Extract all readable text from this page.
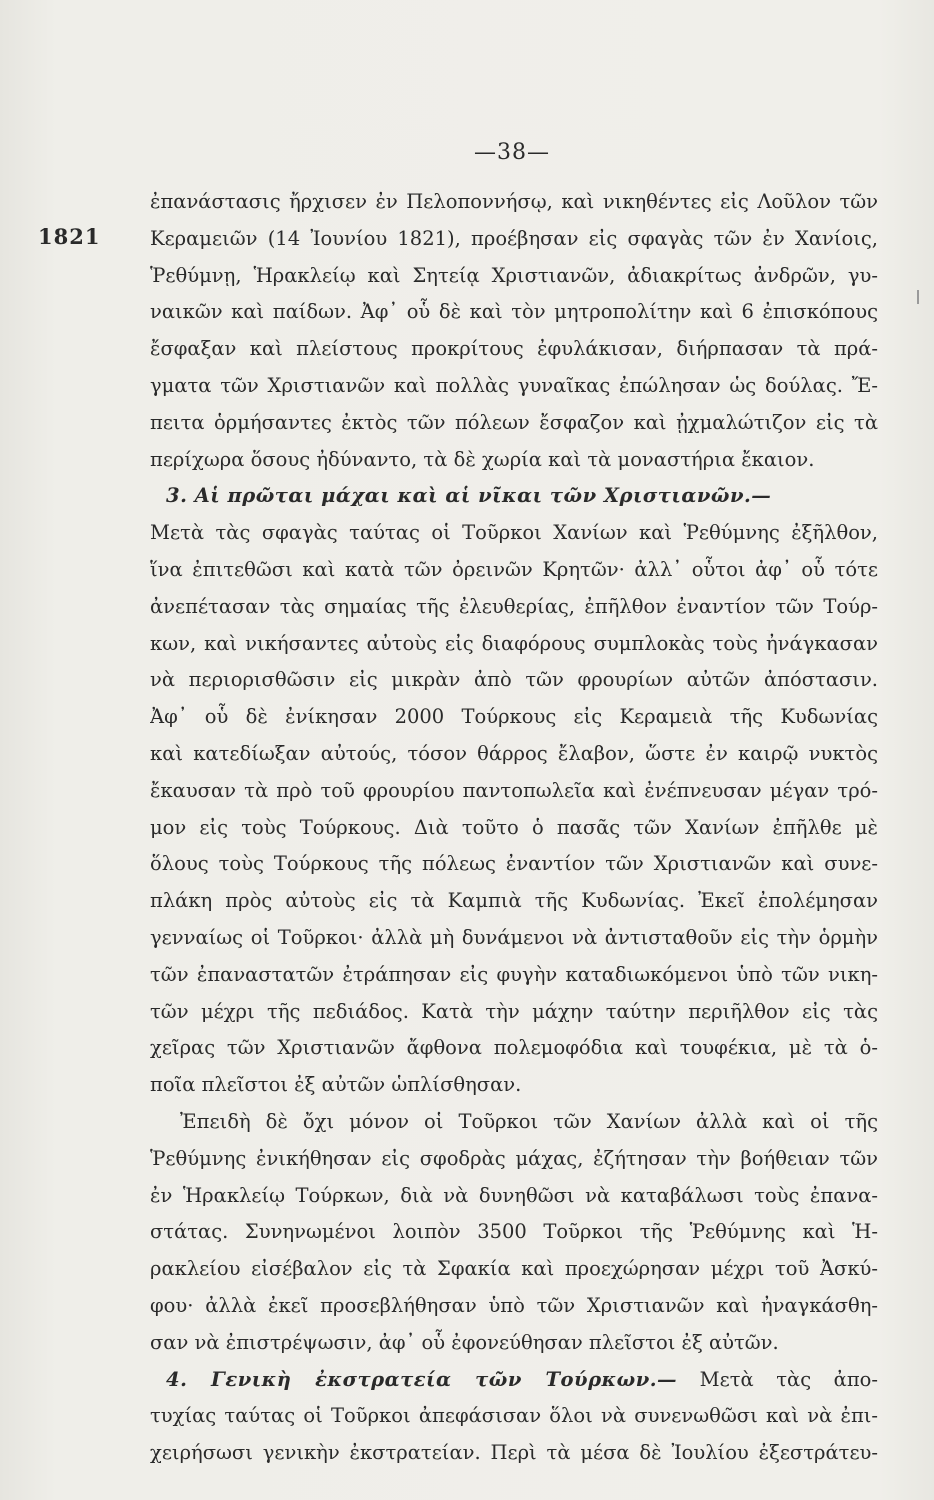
—38—
1821
ἐπανάστασις ἤρχισεν ἐν Πελοποννήσῳ, καὶ νικηθέντες εἰς Λοῦλον τῶν
Κεραμειῶν (14 Ἰουνίου 1821), προέβησαν εἰς σφαγὰς τῶν ἐν Χανίοις,
Ῥεθύμνῃ, Ἡρακλείῳ καὶ Σητείᾳ Χριστιανῶν, ἀδιακρίτως ἀνδρῶν, γυ-
ναικῶν καὶ παίδων. Ἀφ᾽ οὗ δὲ καὶ τὸν μητροπολίτην καὶ 6 ἐπισκόπους
ἔσφαξαν καὶ πλείστους προκρίτους ἐφυλάκισαν, διήρπασαν τὰ πρά-
γματα τῶν Χριστιανῶν καὶ πολλὰς γυναῖκας ἐπώλησαν ὡς δούλας. Ἔ-
πειτα ὁρμήσαντες ἐκτὸς τῶν πόλεων ἔσφαζον καὶ ᾐχμαλώτιζον εἰς τὰ
περίχωρα ὅσους ἠδύναντο, τὰ δὲ χωρία καὶ τὰ μοναστήρια ἔκαιον.
3. Αἱ πρῶται μάχαι καὶ αἱ νῖκαι τῶν Χριστιανῶν.—
Μετὰ τὰς σφαγὰς ταύτας οἱ Τοῦρκοι Χανίων καὶ Ῥεθύμνης ἐξῆλθον,
ἵνα ἐπιτεθῶσι καὶ κατὰ τῶν ὀρεινῶν Κρητῶν· ἀλλ᾽ οὗτοι ἀφ᾽ οὗ τότε
ἀνεπέτασαν τὰς σημαίας τῆς ἐλευθερίας, ἐπῆλθον ἐναντίον τῶν Τούρ-
κων, καὶ νικήσαντες αὐτοὺς εἰς διαφόρους συμπλοκὰς τοὺς ἠνάγκασαν
νὰ περιορισθῶσιν εἰς μικρὰν ἀπὸ τῶν φρουρίων αὐτῶν ἀπόστασιν.
Ἀφ᾽ οὗ δὲ ἐνίκησαν 2000 Τούρκους εἰς Κεραμειὰ τῆς Κυδωνίας
καὶ κατεδίωξαν αὐτούς, τόσον θάρρος ἔλαβον, ὥστε ἐν καιρῷ νυκτὸς
ἔκαυσαν τὰ πρὸ τοῦ φρουρίου παντοπωλεῖα καὶ ἐνέπνευσαν μέγαν τρό-
μον εἰς τοὺς Τούρκους. Διὰ τοῦτο ὁ πασᾶς τῶν Χανίων ἐπῆλθε μὲ
ὅλους τοὺς Τούρκους τῆς πόλεως ἐναντίον τῶν Χριστιανῶν καὶ συνε-
πλάκη πρὸς αὐτοὺς εἰς τὰ Καμπιὰ τῆς Κυδωνίας. Ἐκεῖ ἐπολέμησαν
γενναίως οἱ Τοῦρκοι· ἀλλὰ μὴ δυνάμενοι νὰ ἀντισταθοῦν εἰς τὴν ὁρμὴν
τῶν ἐπαναστατῶν ἐτράπησαν εἰς φυγὴν καταδιωκόμενοι ὑπὸ τῶν νικη-
τῶν μέχρι τῆς πεδιάδος. Κατὰ τὴν μάχην ταύτην περιῆλθον εἰς τὰς
χεῖρας τῶν Χριστιανῶν ἄφθονα πολεμοφόδια καὶ τουφέκια, μὲ τὰ ὁ-
ποῖα πλεῖστοι ἐξ αὐτῶν ὡπλίσθησαν.
Ἐπειδὴ δὲ ὄχι μόνον οἱ Τοῦρκοι τῶν Χανίων ἀλλὰ καὶ οἱ τῆς
Ῥεθύμνης ἐνικήθησαν εἰς σφοδρὰς μάχας, ἐζήτησαν τὴν βοήθειαν τῶν
ἐν Ἡρακλείῳ Τούρκων, διὰ νὰ δυνηθῶσι νὰ καταβάλωσι τοὺς ἐπανα-
στάτας. Συνηνωμένοι λοιπὸν 3500 Τοῦρκοι τῆς Ῥεθύμνης καὶ Ἡ-
ρακλείου εἰσέβαλον εἰς τὰ Σφακία καὶ προεχώρησαν μέχρι τοῦ Ἀσκύ-
φου· ἀλλὰ ἐκεῖ προσεβλήθησαν ὑπὸ τῶν Χριστιανῶν καὶ ἠναγκάσθη-
σαν νὰ ἐπιστρέψωσιν, ἀφ᾽ οὗ ἐφονεύθησαν πλεῖστοι ἐξ αὐτῶν.
4. Γενικὴ ἐκστρατεία τῶν Τούρκων.— Μετὰ τὰς ἀπο-
τυχίας ταύτας οἱ Τοῦρκοι ἀπεφάσισαν ὅλοι νὰ συνενωθῶσι καὶ νὰ ἐπι-
χειρήσωσι γενικὴν ἐκστρατείαν. Περὶ τὰ μέσα δὲ Ἰουλίου ἐξεστράτευ-
